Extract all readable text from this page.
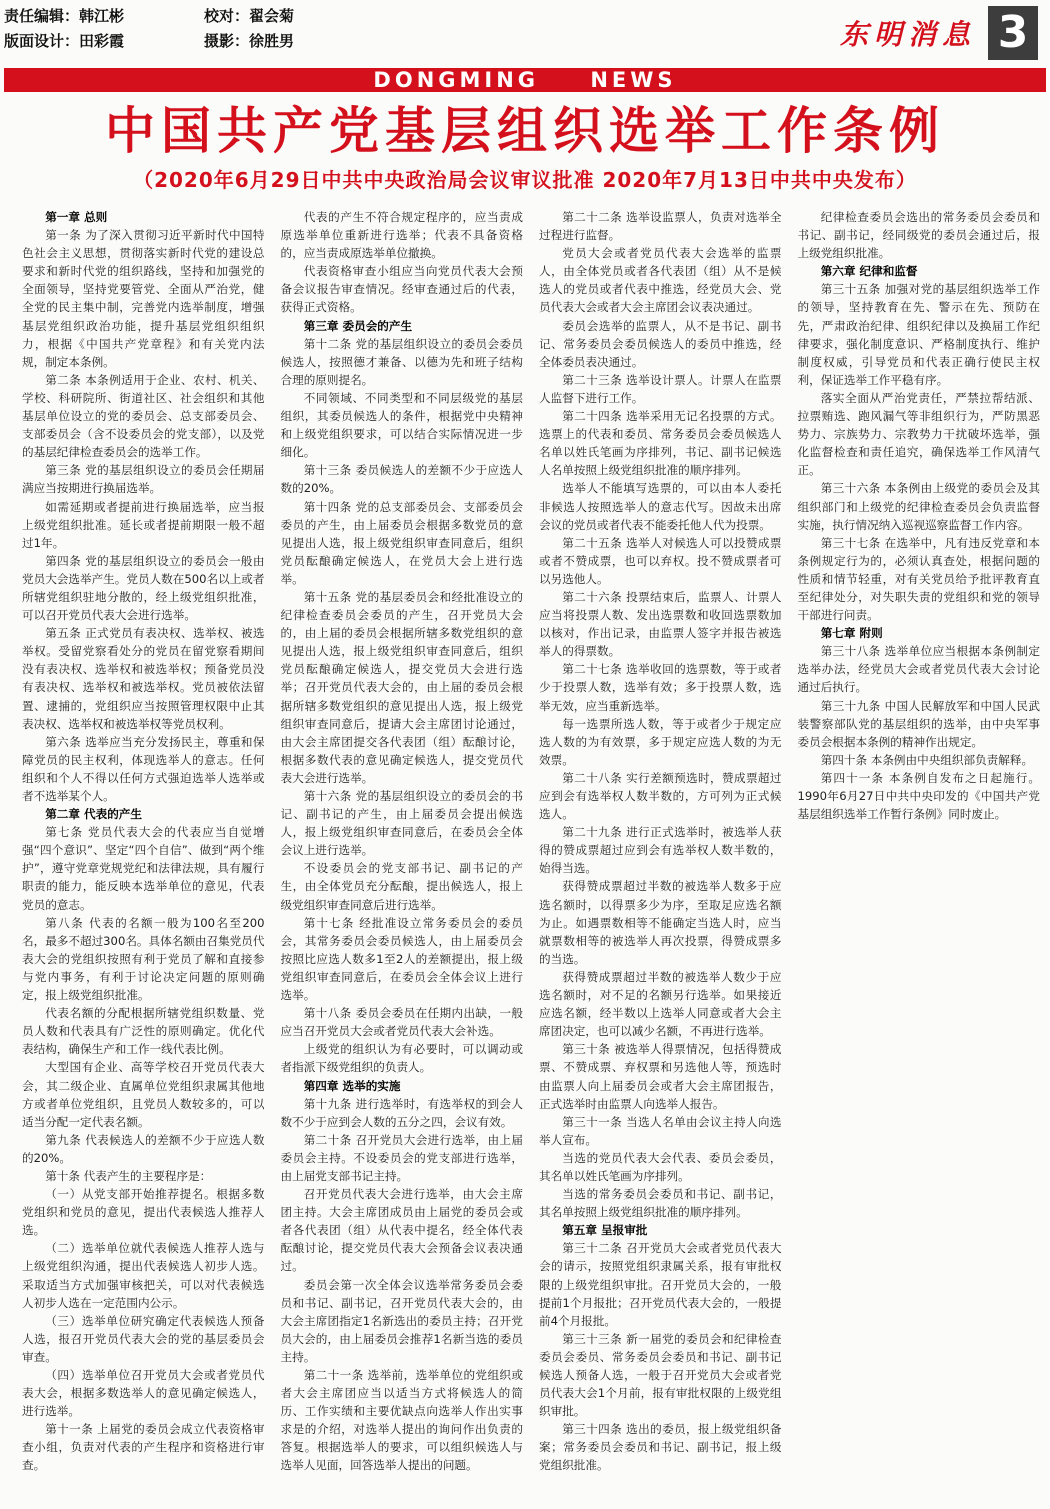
责任编辑：韩江彬	校对：翟会菊
版面设计：田彩霞	摄影：徐胜男	东明消息 3
DONGMING NEWS
中国共产党基层组织选举工作条例
（2020年6月29日中共中央政治局会议审议批准 2020年7月13日中共中央发布）
第一章 总则

第一条 为了深入贯彻习近平新时代中国特色社会主义思想，贯彻落实新时代党的建设总要求和新时代党的组织路线，坚持和加强党的全面领导，坚持党要管党、全面从严治党，健全党的民主集中制，完善党内选举制度，增强基层党组织政治功能，提升基层党组织组织力，根据《中国共产党章程》和有关党内法规，制定本条例。

第二条 本条例适用于企业、农村、机关、学校、科研院所、街道社区、社会组织和其他基层单位设立的党的委员会、总支部委员会、支部委员会（含不设委员会的党支部），以及党的基层纪律检查委员会的选举工作。

第三条 党的基层组织设立的委员会任期届满应当按期进行换届选举。

如需延期或者提前进行换届选举，应当报上级党组织批准。延长或者提前期限一般不超过1年。

第四条 党的基层组织设立的委员会一般由党员大会选举产生。党员人数在500名以上或者所辖党组织驻地分散的，经上级党组织批准，可以召开党员代表大会进行选举。

第五条 正式党员有表决权、选举权、被选举权。受留党察看处分的党员在留党察看期间没有表决权、选举权和被选举权；预备党员没有表决权、选举权和被选举权。党员被依法留置、逮捕的，党组织应当按照管理权限中止其表决权、选举权和被选举权等党员权利。

第六条 选举应当充分发扬民主，尊重和保障党员的民主权利，体现选举人的意志。任何组织和个人不得以任何方式强迫选举人选举或者不选举某个人。

第二章 代表的产生

第七条 党员代表大会的代表应当自觉增强“四个意识”、坚定“四个自信”、做到“两个维护”，遵守党章党规党纪和法律法规，具有履行职责的能力，能反映本选举单位的意见，代表党员的意志。

第八条 代表的名额一般为100名至200名，最多不超过300名。具体名额由召集党员代表大会的党组织按照有利于党员了解和直接参与党内事务，有利于讨论决定问题的原则确定，报上级党组织批准。

代表名额的分配根据所辖党组织数量、党员人数和代表具有广泛性的原则确定。优化代表结构，确保生产和工作一线代表比例。

大型国有企业、高等学校召开党员代表大会，其二级企业、直属单位党组织隶属其他地方或者单位党组织，且党员人数较多的，可以适当分配一定代表名额。

第九条 代表候选人的差额不少于应选人数的20%。

第十条 代表产生的主要程序是：

（一）从党支部开始推荐提名。根据多数党组织和党员的意见，提出代表候选人推荐人选。

（二）选举单位就代表候选人推荐人选与上级党组织沟通，提出代表候选人初步人选。采取适当方式加强审核把关，可以对代表候选人初步人选在一定范围内公示。

（三）选举单位研究确定代表候选人预备人选，报召开党员代表大会的党的基层委员会审查。

（四）选举单位召开党员大会或者党员代表大会，根据多数选举人的意见确定候选人，进行选举。

第十一条 上届党的委员会成立代表资格审查小组，负责对代表的产生程序和资格进行审查。

代表的产生不符合规定程序的，应当责成原选举单位重新进行选举；代表不具备资格的，应当责成原选举单位撤换。

代表资格审查小组应当向党员代表大会预备会议报告审查情况。经审查通过后的代表，获得正式资格。

第三章 委员会的产生

第十二条 党的基层组织设立的委员会委员候选人，按照德才兼备、以德为先和班子结构合理的原则提名。

不同领域、不同类型和不同层级党的基层组织，其委员候选人的条件，根据党中央精神和上级党组织要求，可以结合实际情况进一步细化。

第十三条 委员候选人的差额不少于应选人数的20%。

第十四条 党的总支部委员会、支部委员会委员的产生，由上届委员会根据多数党员的意见提出人选，报上级党组织审查同意后，组织党员酝酿确定候选人，在党员大会上进行选举。

第十五条 党的基层委员会和经批准设立的纪律检查委员会委员的产生，召开党员大会的，由上届的委员会根据所辖多数党组织的意见提出人选，报上级党组织审查同意后，组织党员酝酿确定候选人，提交党员大会进行选举；召开党员代表大会的，由上届的委员会根据所辖多数党组织的意见提出人选，报上级党组织审查同意后，提请大会主席团讨论通过，由大会主席团提交各代表团（组）酝酿讨论，根据多数代表的意见确定候选人，提交党员代表大会进行选举。

第十六条 党的基层组织设立的委员会的书记、副书记的产生，由上届委员会提出候选人，报上级党组织审查同意后，在委员会全体会议上进行选举。

不设委员会的党支部书记、副书记的产生，由全体党员充分酝酿，提出候选人，报上级党组织审查同意后进行选举。

第十七条 经批准设立常务委员会的委员会，其常务委员会委员候选人，由上届委员会按照比应选人数多1至2人的差额提出，报上级党组织审查同意后，在委员会全体会议上进行选举。

第十八条 委员会委员在任期内出缺，一般应当召开党员大会或者党员代表大会补选。

上级党的组织认为有必要时，可以调动或者指派下级党组织的负责人。

第四章 选举的实施

第十九条 进行选举时，有选举权的到会人数不少于应到会人数的五分之四，会议有效。

第二十条 召开党员大会进行选举，由上届委员会主持。不设委员会的党支部进行选举，由上届党支部书记主持。

召开党员代表大会进行选举，由大会主席团主持。大会主席团成员由上届党的委员会或者各代表团（组）从代表中提名，经全体代表酝酿讨论，提交党员代表大会预备会议表决通过。

委员会第一次全体会议选举常务委员会委员和书记、副书记，召开党员代表大会的，由大会主席团指定1名新选出的委员主持；召开党员大会的，由上届委员会推荐1名新当选的委员主持。

第二十一条 选举前，选举单位的党组织或者大会主席团应当以适当方式将候选人的简历、工作实绩和主要优缺点向选举人作出实事求是的介绍，对选举人提出的询问作出负责的答复。根据选举人的要求，可以组织候选人与选举人见面，回答选举人提出的问题。

第二十二条 选举设监票人，负责对选举全过程进行监督。

党员大会或者党员代表大会选举的监票人，由全体党员或者各代表团（组）从不是候选人的党员或者代表中推选，经党员大会、党员代表大会或者大会主席团会议表决通过。

委员会选举的监票人，从不是书记、副书记、常务委员会委员候选人的委员中推选，经全体委员表决通过。

第二十三条 选举设计票人。计票人在监票人监督下进行工作。

第二十四条 选举采用无记名投票的方式。选票上的代表和委员、常务委员会委员候选人名单以姓氏笔画为序排列，书记、副书记候选人名单按照上级党组织批准的顺序排列。

选举人不能填写选票的，可以由本人委托非候选人按照选举人的意志代写。因故未出席会议的党员或者代表不能委托他人代为投票。

第二十五条 选举人对候选人可以投赞成票或者不赞成票，也可以弃权。投不赞成票者可以另选他人。

第二十六条 投票结束后，监票人、计票人应当将投票人数、发出选票数和收回选票数加以核对，作出记录，由监票人签字并报告被选举人的得票数。

第二十七条 选举收回的选票数，等于或者少于投票人数，选举有效；多于投票人数，选举无效，应当重新选举。

每一选票所选人数，等于或者少于规定应选人数的为有效票，多于规定应选人数的为无效票。

第二十八条 实行差额预选时，赞成票超过应到会有选举权人数半数的，方可列为正式候选人。

第二十九条 进行正式选举时，被选举人获得的赞成票超过应到会有选举权人数半数的，始得当选。

获得赞成票超过半数的被选举人数多于应选名额时，以得票多少为序，至取足应选名额为止。如遇票数相等不能确定当选人时，应当就票数相等的被选举人再次投票，得赞成票多的当选。

获得赞成票超过半数的被选举人数少于应选名额时，对不足的名额另行选举。如果接近应选名额，经半数以上选举人同意或者大会主席团决定，也可以减少名额，不再进行选举。

第三十条 被选举人得票情况，包括得赞成票、不赞成票、弃权票和另选他人等，预选时由监票人向上届委员会或者大会主席团报告，正式选举时由监票人向选举人报告。

第三十一条 当选人名单由会议主持人向选举人宣布。

当选的党员代表大会代表、委员会委员，其名单以姓氏笔画为序排列。

当选的常务委员会委员和书记、副书记，其名单按照上级党组织批准的顺序排列。

第五章 呈报审批

第三十二条 召开党员大会或者党员代表大会的请示，按照党组织隶属关系，报有审批权限的上级党组织审批。召开党员大会的，一般提前1个月报批；召开党员代表大会的，一般提前4个月报批。

第三十三条 新一届党的委员会和纪律检查委员会委员、常务委员会委员和书记、副书记候选人预备人选，一般于召开党员大会或者党员代表大会1个月前，报有审批权限的上级党组织审批。

第三十四条 选出的委员，报上级党组织备案；常务委员会委员和书记、副书记，报上级党组织批准。

纪律检查委员会选出的常务委员会委员和书记、副书记，经同级党的委员会通过后，报上级党组织批准。

第六章 纪律和监督

第三十五条 加强对党的基层组织选举工作的领导，坚持教育在先、警示在先、预防在先，严肃政治纪律、组织纪律以及换届工作纪律要求，强化制度意识、严格制度执行、维护制度权威，引导党员和代表正确行使民主权利，保证选举工作平稳有序。

落实全面从严治党责任，严禁拉帮结派、拉票贿选、跑风漏气等非组织行为，严防黑恶势力、宗族势力、宗教势力干扰破坏选举，强化监督检查和责任追究，确保选举工作风清气正。

第三十六条 本条例由上级党的委员会及其组织部门和上级党的纪律检查委员会负责监督实施，执行情况纳入巡视巡察监督工作内容。

第三十七条 在选举中，凡有违反党章和本条例规定行为的，必须认真查处，根据问题的性质和情节轻重，对有关党员给予批评教育直至纪律处分，对失职失责的党组织和党的领导干部进行问责。

第七章 附则

第三十八条 选举单位应当根据本条例制定选举办法，经党员大会或者党员代表大会讨论通过后执行。

第三十九条 中国人民解放军和中国人民武装警察部队党的基层组织的选举，由中央军事委员会根据本条例的精神作出规定。

第四十条 本条例由中央组织部负责解释。

第四十一条 本条例自发布之日起施行。1990年6月27日中共中央印发的《中国共产党基层组织选举工作暂行条例》同时废止。
